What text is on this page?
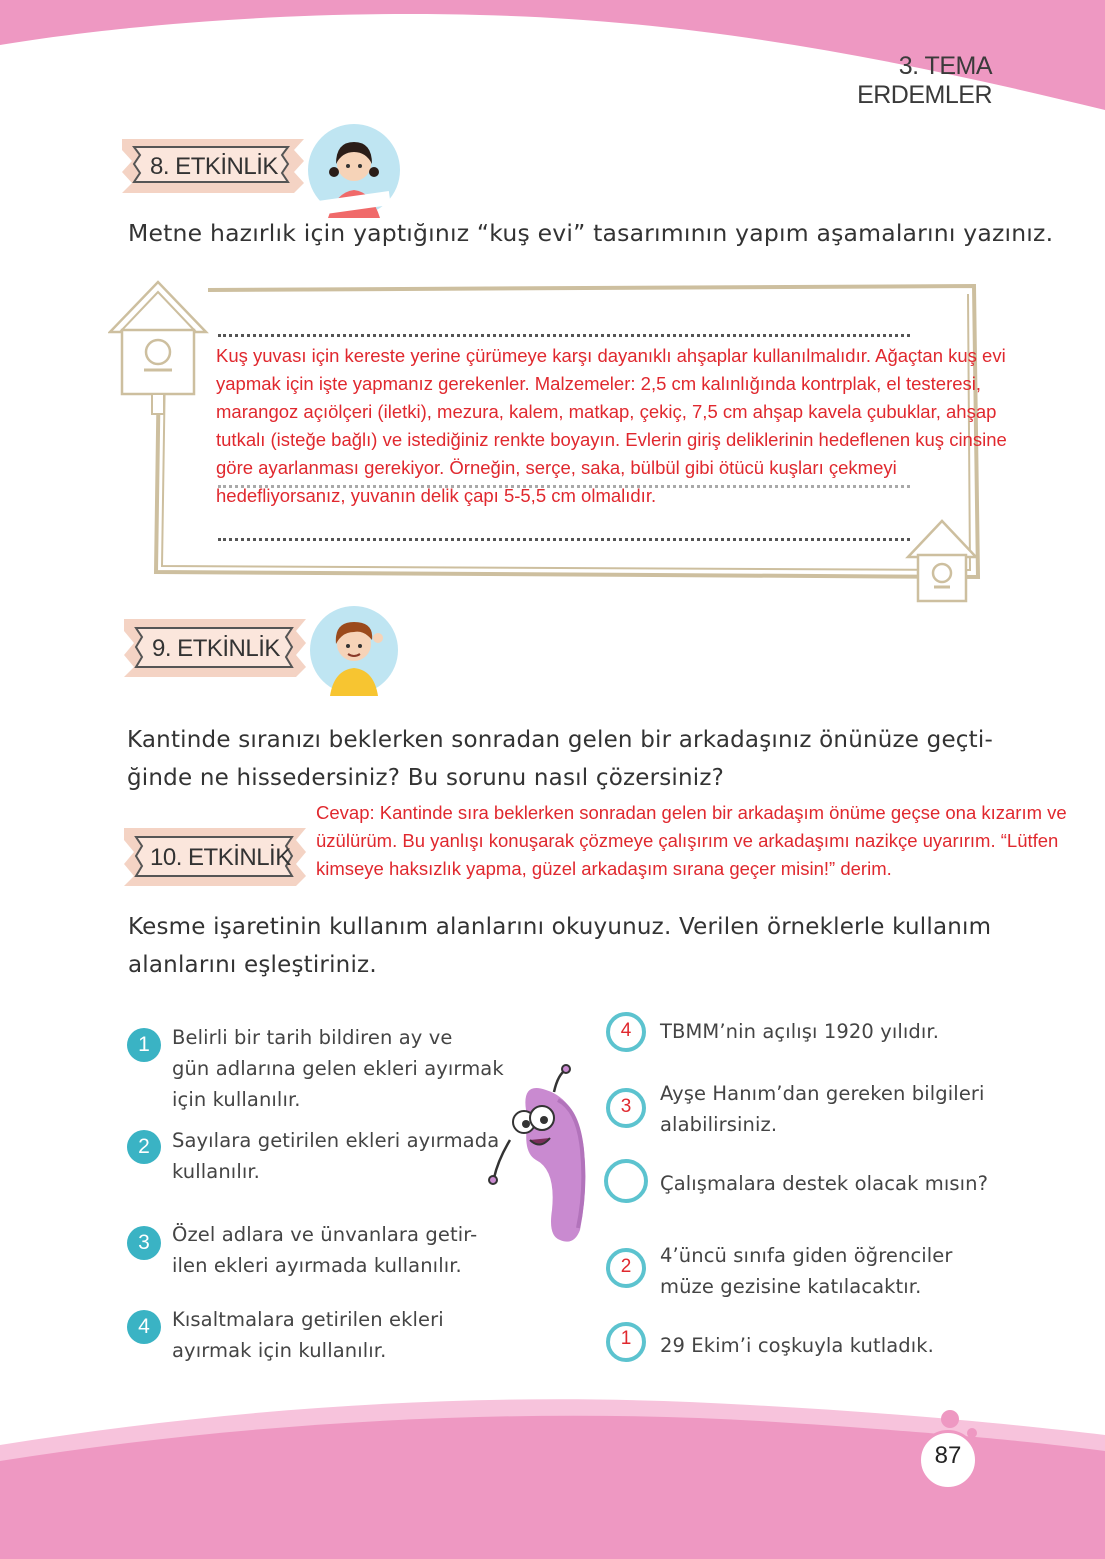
3. TEMA
ERDEMLER
8. ETKİNLİK
Metne hazırlık için yaptığınız “kuş evi” tasarımının yapım aşamalarını yazınız.
Kuş yuvası için kereste yerine çürümeye karşı dayanıklı ahşaplar kullanılmalıdır. Ağaçtan kuş evi yapmak için işte yapmanız gerekenler. Malzemeler: 2,5 cm kalınlığında kontrplak, el testeresi, marangoz açıölçeri (iletki), mezura, kalem, matkap, çekiç, 7,5 cm ahşap kavela çubuklar, ahşap tutkalı (isteğe bağlı) ve istediğiniz renkte boyayın. Evlerin giriş deliklerinin hedeflenen kuş cinsine göre ayarlanması gerekiyor. Örneğin, serçe, saka, bülbül gibi ötücü kuşları çekmeyi hedefliyorsanız, yuvanın delik çapı 5-5,5 cm olmalıdır.
9. ETKİNLİK
Kantinde sıranızı beklerken sonradan gelen bir arkadaşınız önünüze geçti-
ğinde ne hissedersiniz? Bu sorunu nasıl çözersiniz?
Cevap: Kantinde sıra beklerken sonradan gelen bir arkadaşım önüme geçse ona kızarım ve üzülürüm. Bu yanlışı konuşarak çözmeye çalışırım ve arkadaşımı nazikçe uyarırım. “Lütfen kimseye haksızlık yapma, güzel arkadaşım sırana geçer misin!” derim.
10. ETKİNLİK
Kesme işaretinin kullanım alanlarını okuyunuz. Verilen örneklerle kullanım
alanlarını eşleştiriniz.
1	Belirli bir tarih bildiren ay ve
gün adlarına gelen ekleri ayırmak
için kullanılır.
2	Sayılara getirilen ekleri ayırmada
kullanılır.
3	Özel adlara ve ünvanlara getir-
ilen ekleri ayırmada kullanılır.
4	Kısaltmalara getirilen ekleri
ayırmak için kullanılır.
4	TBMM’nin açılışı 1920 yılıdır.
3
Ayşe Hanım’dan gereken bilgileri
alabilirsiniz.
Çalışmalara destek olacak mısın?
2	4’üncü sınıfa giden öğrenciler
müze gezisine katılacaktır.
1	29 Ekim’i coşkuyla kutladık.
87
